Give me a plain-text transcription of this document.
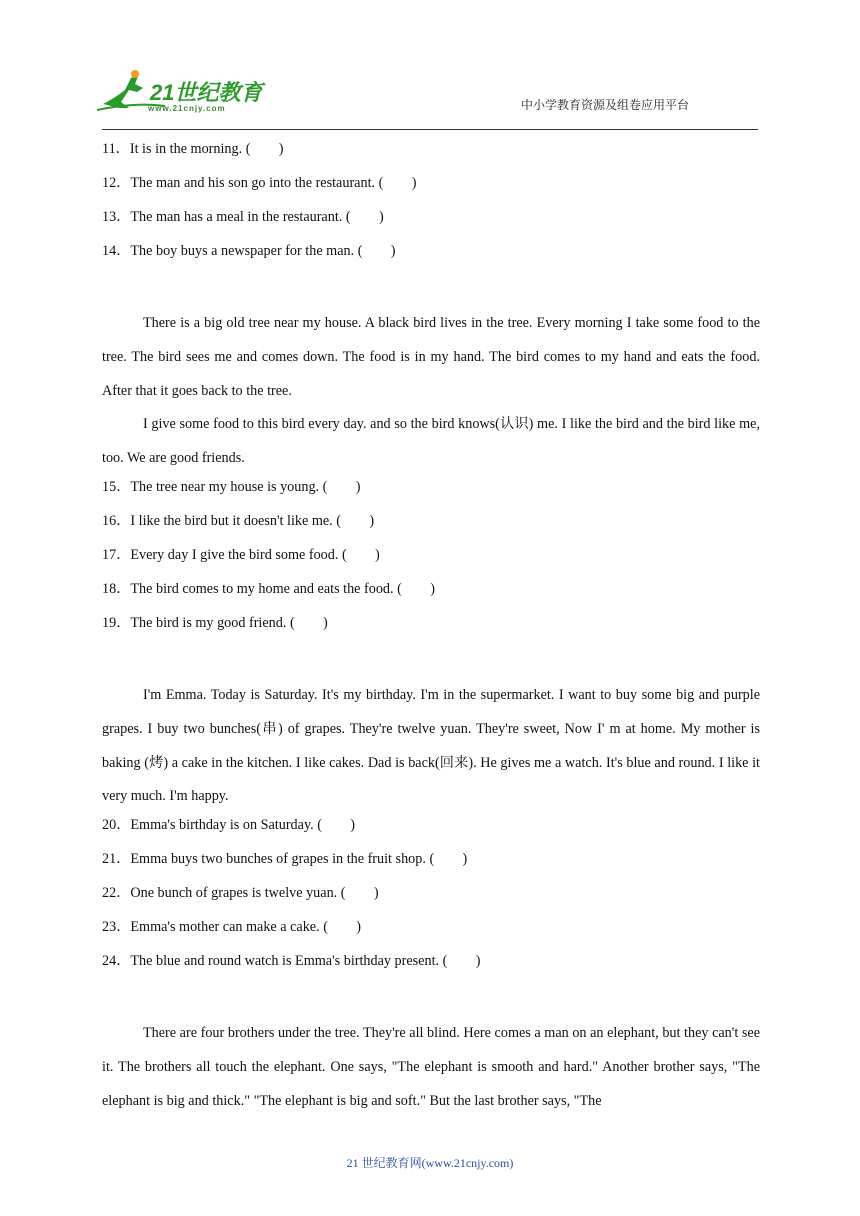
21世纪教育
www.21cnjy.com	中小学教育资源及组卷应用平台
11．It is in the morning. (　　)
12．The man and his son go into the restaurant. (　　)
13．The man has a meal in the restaurant. (　　)
14．The boy buys a newspaper for the man. (　　)

There is a big old tree near my house. A black bird lives in the tree. Every morning I take some food to the tree. The bird sees me and comes down. The food is in my hand. The bird comes to my hand and eats the food. After that it goes back to the tree.

I give some food to this bird every day. and so the bird knows(认识) me. I like the bird and the bird like me, too. We are good friends.

15．The tree near my house is young. (　　)
16．I like the bird but it doesn't like me. (　　)
17．Every day I give the bird some food. (　　)
18．The bird comes to my home and eats the food. (　　)
19．The bird is my good friend. (　　)

I'm Emma. Today is Saturday. It's my birthday. I'm in the supermarket. I want to buy some big and purple grapes. I buy two bunches(串) of grapes. They're twelve yuan. They're sweet, Now I' m at home. My mother is baking (烤) a cake in the kitchen. I like cakes. Dad is back(回来). He gives me a watch. It's blue and round. I like it very much. I'm happy.

20．Emma's birthday is on Saturday. (　　)
21．Emma buys two bunches of grapes in the fruit shop. (　　)
22．One bunch of grapes is twelve yuan. (　　)
23．Emma's mother can make a cake. (　　)
24．The blue and round watch is Emma's birthday present. (　　)

There are four brothers under the tree. They're all blind. Here comes a man on an elephant, but they can't see it. The brothers all touch the elephant. One says, "The elephant is smooth and hard." Another brother says, "The elephant is big and thick." "The elephant is big and soft." But the last brother says, "The

21 世纪教育网(www.21cnjy.com)
